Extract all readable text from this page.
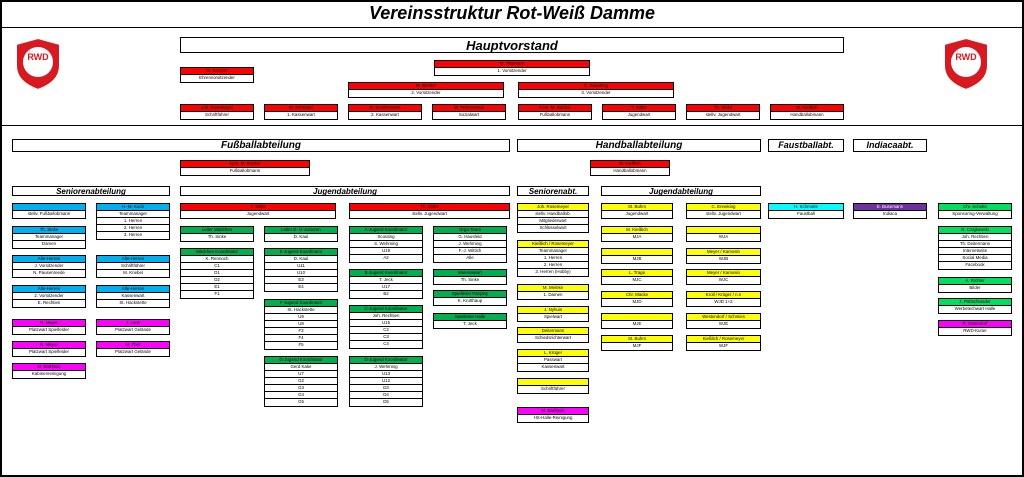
Vereinsstruktur Rot-Weiß Damme
RWD	RWD
Hauptvorstand
Fußballabteilung	Handballabteilung	Faustballabt.	Indiacaabt.
Seniorenabteilung	Jugendabteilung	Seniorenabt.	Jugendabteilung
W. Kemper
Ehrenvorsitzender
M. Thamann
1. Vorsitzender
M. Bunker
2. Vorsitzender
C. Enneking
3. Vorsitzender
Joh. Rosemeyer
Schriftführer
M. Schröder
1. Kassenwart
G. Sandermann
2. Kassenwart
M. Peterwessel
Sozialwart
Kom. M. Bunker
Fußballobmann
T. Sinke
Jugendwart
Th. Sinke
stellv. Jugendwart
M. Kießlich
Handballobmann
Kom. M. Bunker
Fußballobmann
M. Kießlich
Handballobmann
stellv. Fußballobmann
H.-M. Koch
Teammanager
1. Herren
2. Herren
3. Herren
Th. Sinke
Teammanager
Damen
Alte-Herren
J. Vorsitzender
N. Pausenreede
Alte-Herren
Schriftführer
M. Knebel
Alte-Herren
2. Vorsitzender
E. Rechtien
Alte-Herren
Kassenwart
St. Hackstette
N. Meyer
Platzwart Spielfelder
J. Lenz
Platzwart Gelände
N. Meyer
Platzwart Spielfelder
M. Ther
Platzwart Gelände
M. Bathhuis
Kabinenreinigung
T. Sinke
Jugendwart
Th. Sinke
stellv. Jugendwart
Leiter Mädchen
Th. Sinke
Leiter E- G-Junioren
D. Kaul
A-Jugend Koordinator
Scouting
S. Wehming
U19
A2
Orga-Team
G. Hausfeld
J. Wehming
F.-J. Wittich
Alle
Mädchen Koordinator
K. Rennoch
C1
D1
D2
E1
F1
E-Jugend Koordinator
D. Kaul
U11
U10
E3
E4
B-Jugend Koordinator
T. Jeck
U17
B2
Materialwart
Th. Sinke
F-Jugend Koordinator
St. Hackstette
U9
U8
F3
F4
F5
C-Jugend Koordinator
Joh. Rechtien
U15
C2
C3
C4
Spielleiter Fairplay
K. Krutthaup
Spielleiter Halle
T. Jeck
G-Jugend Koordinator
Gerd Kake
U7
G2
G3
G4
G5
D-Jugend Koordinator
J. Wehming
U13
U12
D3
D4
D5
Joh. Rosemeyer
stellv. Handballob.
Mitgliederwart
Schlüsselwart
Kießlich / Rosemeyer
Teammanager
1. Herren
2. Herren
3. Herren (Hobby)
M. Meinke
1. Damen
J. Nyhuis
Spielwart
Deitermann
Schiedsrichterwart
L. Krüger
Passwart
Kassenwart
Schriftführer
M. Bathhuis
HS-Halle-Reinigung
St. Buhrs
Jugendwart
C. Enneking
stellv. Jugendwart
M. Kießlich
MJA	WJA
MJB
Meyer / Kamosin
WJB
L. Trage
MJC
Meyer / Kamosin
WJC
Chr. Macke
MJD
Kroll / Krüger / n.n
WJD 1+2
MJE
Westendorf / Schmies
WJE
St. Buhrs
MJF
Kießlich / Rosemeyer
WJF
H. Schmutte
Faustball
E. Busemann
Indiaca
Chr. Schulte
Sponsoring-Verwaltung
N. Czajkowski
Joh. Rechtien
Th. Deitermann
Internetseite
Social Media
Facebook
A. Richter
Bilder
J. Püttschneider
Werbetechwart Halle
R. Ostendorf
RWD-Kurier
